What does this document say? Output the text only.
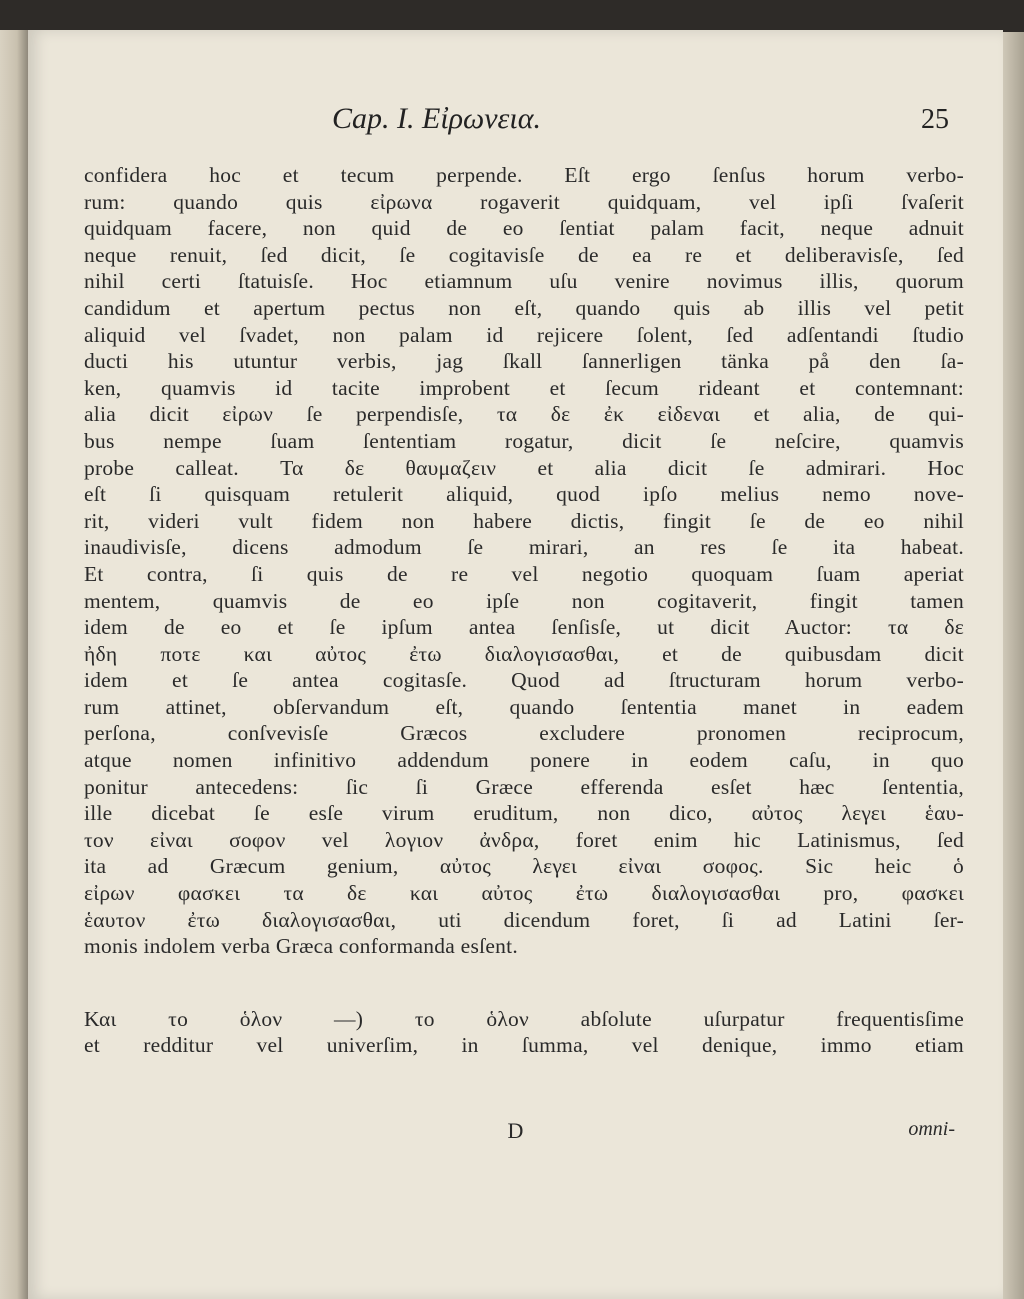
Cap. I. Εἰρωνεια.	25
confidera hoc et tecum perpende. Eſt ergo ſenſus horum verbo-
rum: quando quis εἰρωνα rogaverit quidquam, vel ipſi ſvaſerit
quidquam facere, non quid de eo ſentiat palam facit, neque adnuit
neque renuit, ſed dicit, ſe cogitavisſe de ea re et deliberavisſe, ſed
nihil certi ſtatuisſe. Hoc etiamnum uſu venire novimus illis, quorum
candidum et apertum pectus non eſt, quando quis ab illis vel petit
aliquid vel ſvadet, non palam id rejicere ſolent, ſed adſentandi ſtudio
ducti his utuntur verbis, jag ſkall ſannerligen tänka på den ſa-
ken, quamvis id tacite improbent et ſecum rideant et contemnant:
alia dicit εἰρων ſe perpendisſe, τα δε ἐκ εἰδεναι et alia, de qui-
bus nempe ſuam ſententiam rogatur, dicit ſe neſcire, quamvis
probe calleat. Τα δε θαυμαζειν et alia dicit ſe admirari. Hoc
eſt ſi quisquam retulerit aliquid, quod ipſo melius nemo nove-
rit, videri vult fidem non habere dictis, fingit ſe de eo nihil
inaudivisſe, dicens admodum ſe mirari, an res ſe ita habeat.
Et contra, ſi quis de re vel negotio quoquam ſuam aperiat
mentem, quamvis de eo ipſe non cogitaverit, fingit tamen
idem de eo et ſe ipſum antea ſenſisſe, ut dicit Auctor: τα δε
ἠδη ποτε και αὐτος ἐτω διαλογισασθαι, et de quibusdam dicit
idem et ſe antea cogitasſe. Quod ad ſtructuram horum verbo-
rum attinet, obſervandum eſt, quando ſententia manet in eadem
perſona, conſvevisſe Græcos excludere pronomen reciprocum,
atque nomen infinitivo addendum ponere in eodem caſu, in quo
ponitur antecedens: ſic ſi Græce efferenda esſet hæc ſententia,
ille dicebat ſe esſe virum eruditum, non dico, αὐτος λεγει ἑαυ-
τον εἰναι σοφον vel λογιον ἀνδρα, foret enim hic Latinismus, ſed
ita ad Græcum genium, αὐτος λεγει εἰναι σοφος. Sic heic ὁ
εἰρων φασκει τα δε και αὐτος ἐτω διαλογισασθαι pro, φασκει
ἑαυτον ἐτω διαλογισασθαι, uti dicendum foret, ſi ad Latini ſer-
monis indolem verba Græca conformanda esſent.
Και το ὁλον —) το ὁλον abſolute uſurpatur frequentisſime
et redditur vel univerſim, in ſumma, vel denique, immo etiam
D	omni-
